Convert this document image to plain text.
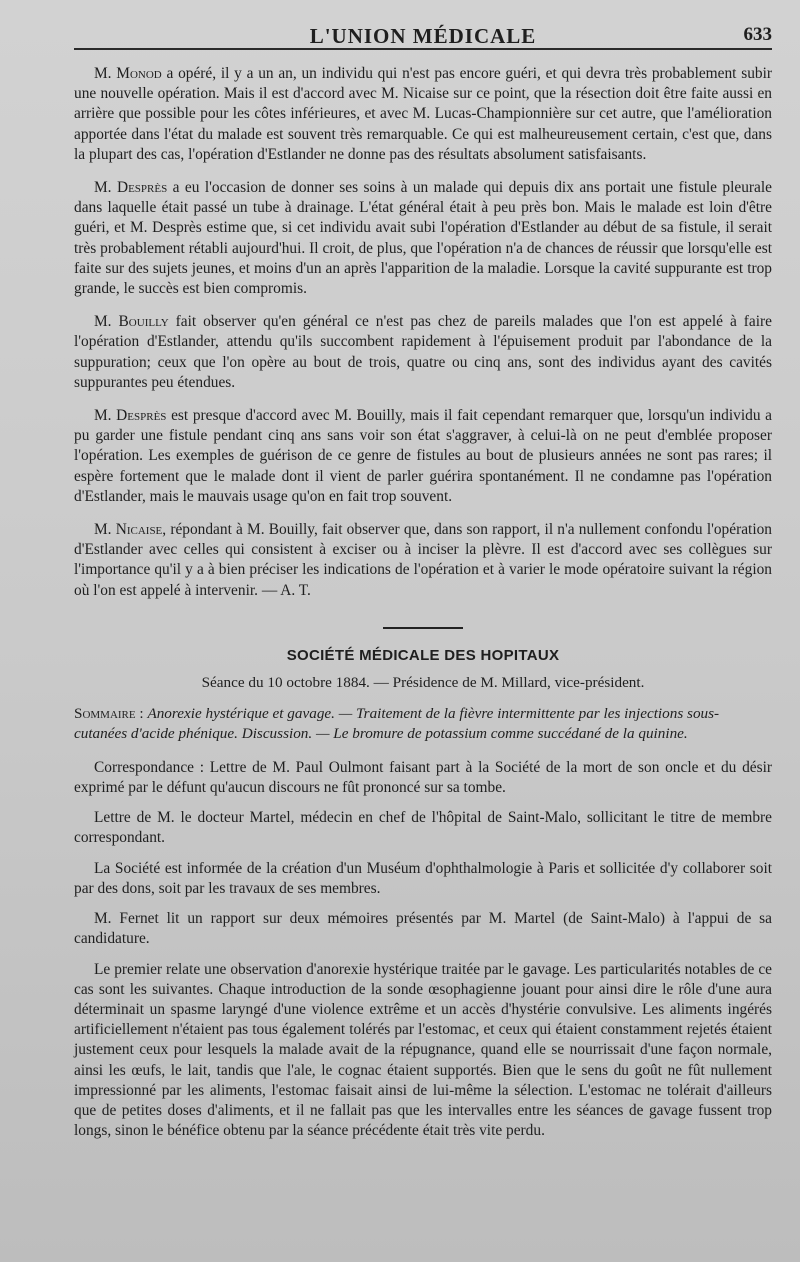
L'UNION MÉDICALE	633

M. Monod a opéré, il y a un an, un individu qui n'est pas encore guéri, et qui devra très probablement subir une nouvelle opération. Mais il est d'accord avec M. Nicaise sur ce point, que la résection doit être faite aussi en arrière que possible pour les côtes inférieures, et avec M. Lucas-Championnière sur cet autre, que l'amélioration apportée dans l'état du malade est souvent très remarquable. Ce qui est malheureusement certain, c'est que, dans la plupart des cas, l'opération d'Estlander ne donne pas des résultats absolument satisfaisants.

M. Desprès a eu l'occasion de donner ses soins à un malade qui depuis dix ans portait une fistule pleurale dans laquelle était passé un tube à drainage. L'état général était à peu près bon. Mais le malade est loin d'être guéri, et M. Desprès estime que, si cet individu avait subi l'opération d'Estlander au début de sa fistule, il serait très probablement rétabli aujourd'hui. Il croit, de plus, que l'opération n'a de chances de réussir que lorsqu'elle est faite sur des sujets jeunes, et moins d'un an après l'apparition de la maladie. Lorsque la cavité suppurante est trop grande, le succès est bien compromis.

M. Bouilly fait observer qu'en général ce n'est pas chez de pareils malades que l'on est appelé à faire l'opération d'Estlander, attendu qu'ils succombent rapidement à l'épuisement produit par l'abondance de la suppuration; ceux que l'on opère au bout de trois, quatre ou cinq ans, sont des individus ayant des cavités suppurantes peu étendues.

M. Desprès est presque d'accord avec M. Bouilly, mais il fait cependant remarquer que, lorsqu'un individu a pu garder une fistule pendant cinq ans sans voir son état s'aggraver, à celui-là on ne peut d'emblée proposer l'opération. Les exemples de guérison de ce genre de fistules au bout de plusieurs années ne sont pas rares; il espère fortement que le malade dont il vient de parler guérira spontanément. Il ne condamne pas l'opération d'Estlander, mais le mauvais usage qu'on en fait trop souvent.

M. Nicaise, répondant à M. Bouilly, fait observer que, dans son rapport, il n'a nullement confondu l'opération d'Estlander avec celles qui consistent à exciser ou à inciser la plèvre. Il est d'accord avec ses collègues sur l'importance qu'il y a à bien préciser les indications de l'opération et à varier le mode opératoire suivant la région où l'on est appelé à intervenir. — A. T.

SOCIÉTÉ MÉDICALE DES HOPITAUX
Séance du 10 octobre 1884. — Présidence de M. Millard, vice-président.
Sommaire : Anorexie hystérique et gavage. — Traitement de la fièvre intermittente par les injections sous-cutanées d'acide phénique. Discussion. — Le bromure de potassium comme succédané de la quinine.

Correspondance : Lettre de M. Paul Oulmont faisant part à la Société de la mort de son oncle et du désir exprimé par le défunt qu'aucun discours ne fût prononcé sur sa tombe.

Lettre de M. le docteur Martel, médecin en chef de l'hôpital de Saint-Malo, sollicitant le titre de membre correspondant.

La Société est informée de la création d'un Muséum d'ophthalmologie à Paris et sollicitée d'y collaborer soit par des dons, soit par les travaux de ses membres.

M. Fernet lit un rapport sur deux mémoires présentés par M. Martel (de Saint-Malo) à l'appui de sa candidature.

Le premier relate une observation d'anorexie hystérique traitée par le gavage. Les particularités notables de ce cas sont les suivantes. Chaque introduction de la sonde œsophagienne jouant pour ainsi dire le rôle d'une aura déterminait un spasme laryngé d'une violence extrême et un accès d'hystérie convulsive. Les aliments ingérés artificiellement n'étaient pas tous également tolérés par l'estomac, et ceux qui étaient constamment rejetés étaient justement ceux pour lesquels la malade avait de la répugnance, quand elle se nourrissait d'une façon normale, ainsi les œufs, le lait, tandis que l'ale, le cognac étaient supportés. Bien que le sens du goût ne fût nullement impressionné par les aliments, l'estomac faisait ainsi de lui-même la sélection. L'estomac ne tolérait d'ailleurs que de petites doses d'aliments, et il ne fallait pas que les intervalles entre les séances de gavage fussent trop longs, sinon le bénéfice obtenu par la séance précédente était très vite perdu.
